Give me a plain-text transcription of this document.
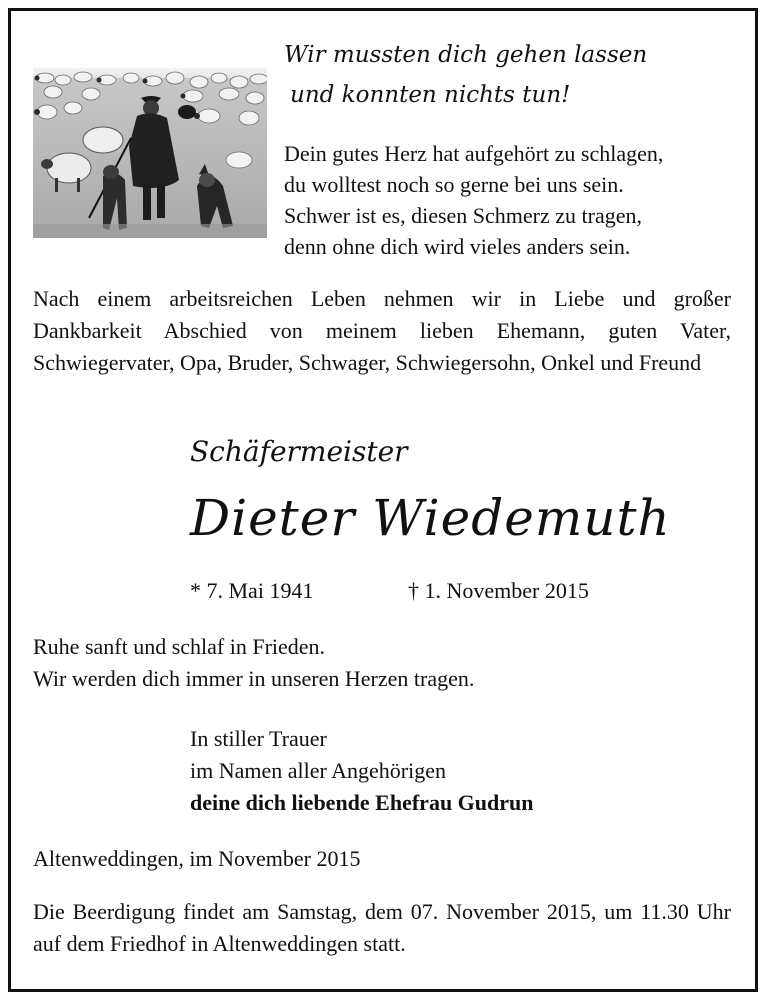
Wir mussten dich gehen lassen

und konnten nichts tun!

Dein gutes Herz hat aufgehört zu schlagen,
du wolltest noch so gerne bei uns sein.
Schwer ist es, diesen Schmerz zu tragen,
denn ohne dich wird vieles anders sein.

Nach einem arbeitsreichen Leben nehmen wir in Liebe und großer Dankbarkeit Abschied von meinem lieben Ehemann, guten Vater, Schwiegervater, Opa, Bruder, Schwager, Schwiegersohn, Onkel und Freund

Schäfermeister

Dieter Wiedemuth

* 7. Mai 1941	† 1. November 2015

Ruhe sanft und schlaf in Frieden.
Wir werden dich immer in unseren Herzen tragen.
In stiller Trauer
im Namen aller Angehörigen
deine dich liebende Ehefrau Gudrun

Altenweddingen, im November 2015

Die Beerdigung findet am Samstag, dem 07. November 2015, um 11.30 Uhr auf dem Friedhof in Altenweddingen statt.
